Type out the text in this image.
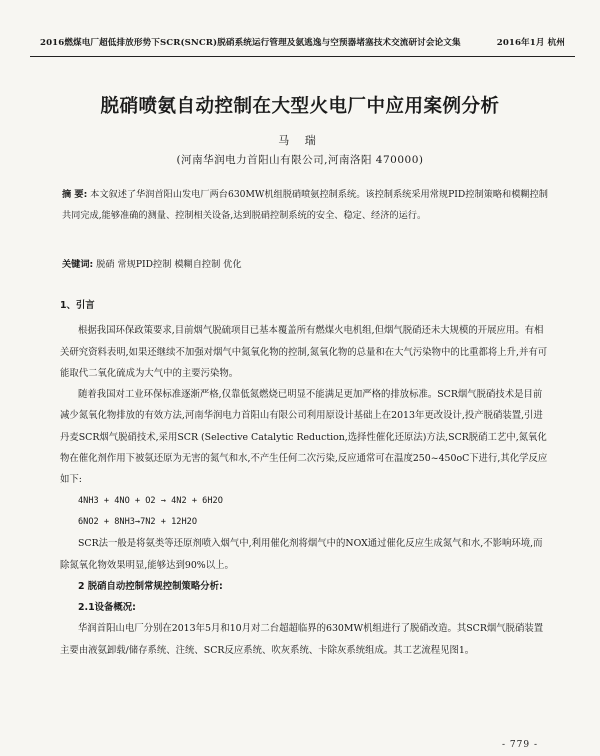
2016燃煤电厂超低排放形势下SCR(SNCR)脱硝系统运行管理及氨逃逸与空预器堵塞技术交流研讨会论文集	2016年1月 杭州
脱硝喷氨自动控制在大型火电厂中应用案例分析
马 瑞
(河南华润电力首阳山有限公司,河南洛阳 470000)
摘 要: 本文叙述了华润首阳山发电厂两台630MW机组脱硝喷氨控制系统。该控制系统采用常规PID控制策略和模糊控制共同完成,能够准确的测量、控制相关设备,达到脱硝控制系统的安全、稳定、经济的运行。
关键词: 脱硝 常规PID控制 模糊自控制 优化

1、引言

根据我国环保政策要求,目前烟气脱硫项目已基本覆盖所有燃煤火电机组,但烟气脱硝还未大规模的开展应用。有相关研究资料表明,如果还继续不加强对烟气中氮氧化物的控制,氮氧化物的总量和在大气污染物中的比重都将上升,并有可能取代二氧化硫成为大气中的主要污染物。

随着我国对工业环保标准逐渐严格,仅靠低氮燃烧已明显不能满足更加严格的排放标准。SCR烟气脱硝技术是目前减少氮氧化物排放的有效方法,河南华润电力首阳山有限公司利用原设计基础上在2013年更改设计,投产脱硝装置,引进丹麦SCR烟气脱硝技术,采用SCR (Selective Catalytic Reduction,选择性催化还原法)方法,SCR脱硝工艺中,氮氧化物在催化剂作用下被氨还原为无害的氮气和水,不产生任何二次污染,反应通常可在温度250~450oC下进行,其化学反应如下:

4NH3 + 4NO + O2 → 4N2 + 6H2O

6NO2 + 8NH3→7N2 + 12H2O

SCR法一般是将氨类等还原剂喷入烟气中,利用催化剂将烟气中的NOX通过催化反应生成氮气和水,不影响环境,而除氮氧化物效果明显,能够达到90%以上。

2 脱硝自动控制常规控制策略分析:

2.1设备概况:

华润首阳山电厂分别在2013年5月和10月对二台超超临界的630MW机组进行了脱硝改造。其SCR烟气脱硝装置主要由液氨卸载/储存系统、注统、SCR反应系统、吹灰系统、卡除灰系统组成。其工艺流程见图1。

- 779 -
